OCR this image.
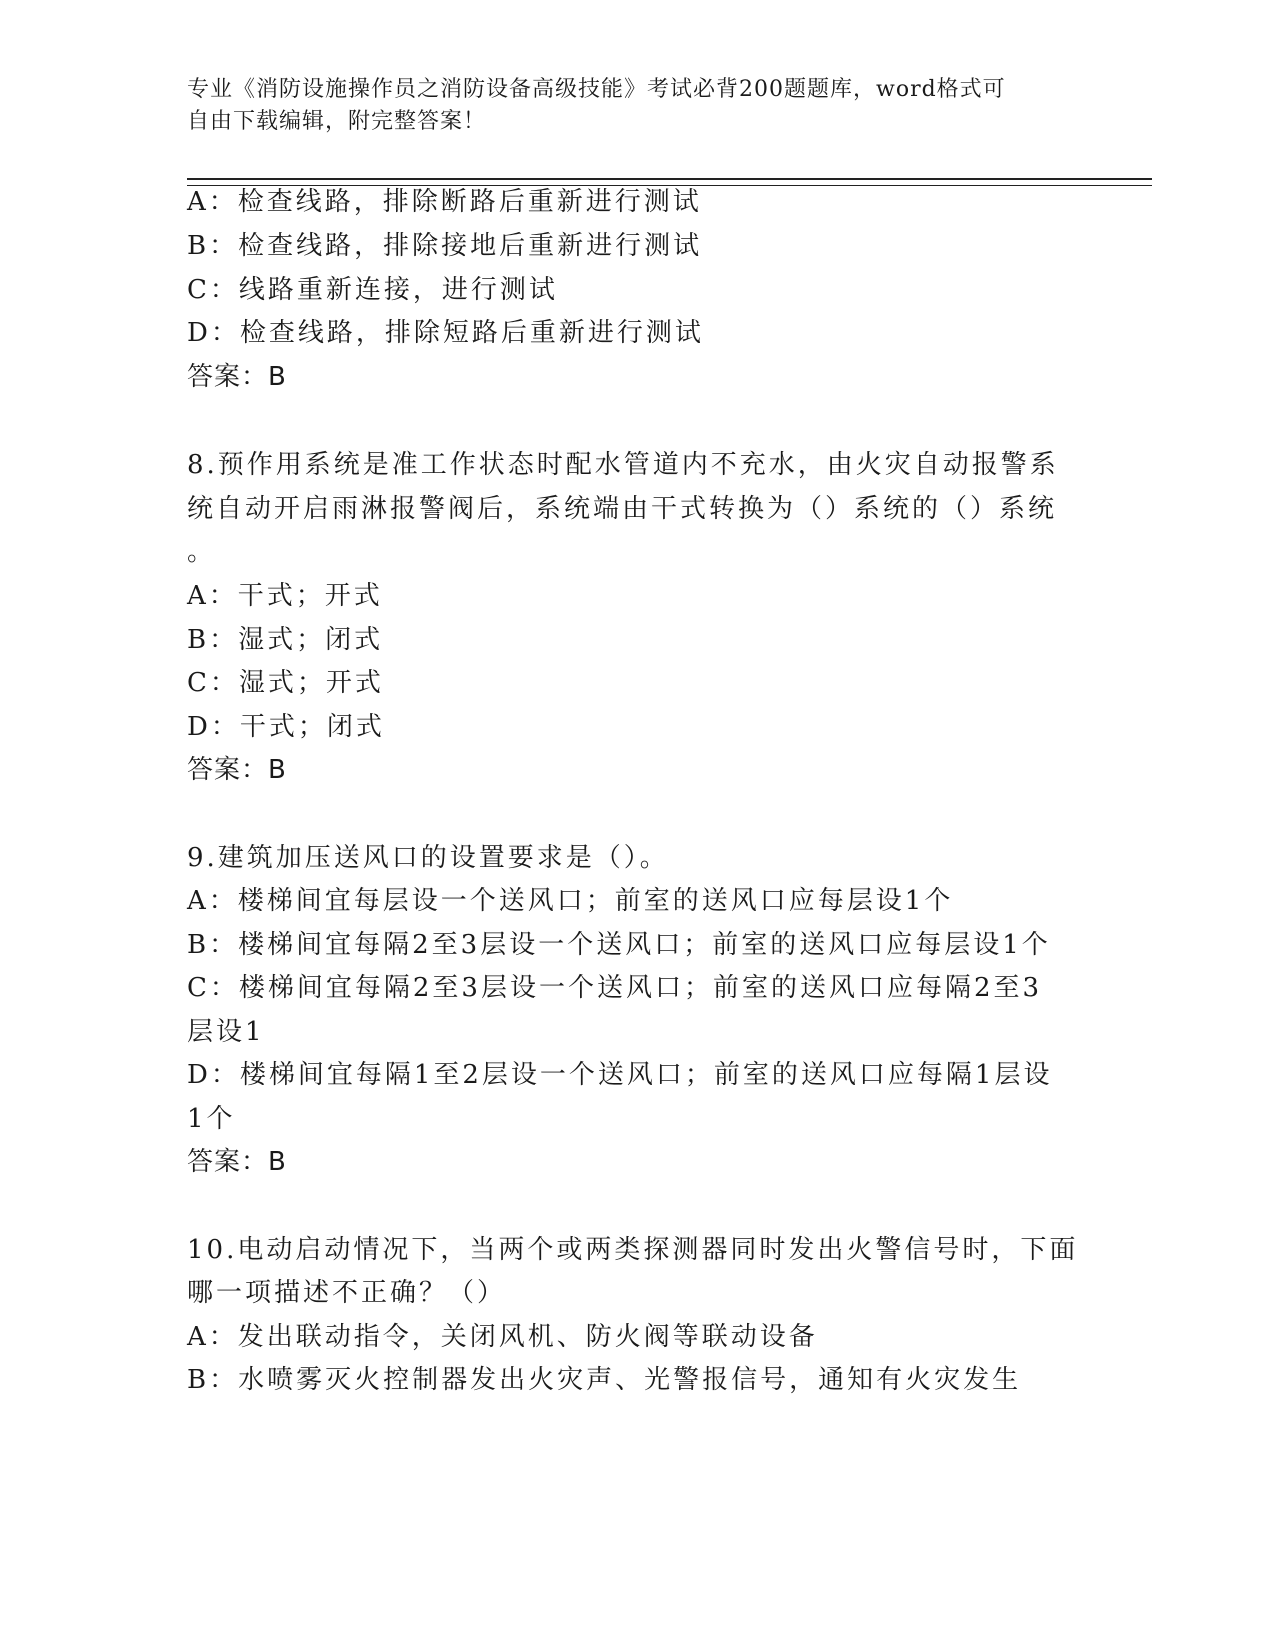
专业《消防设施操作员之消防设备高级技能》考试必背200题题库，word格式可
自由下载编辑，附完整答案！
A：检查线路，排除断路后重新进行测试
B：检查线路，排除接地后重新进行测试
C：线路重新连接，进行测试
D：检查线路，排除短路后重新进行测试
答案：B
8.预作用系统是准工作状态时配水管道内不充水，由火灾自动报警系
统自动开启雨淋报警阀后，系统端由干式转换为（）系统的（）系统
。
A：干式；开式
B：湿式；闭式
C：湿式；开式
D：干式；闭式
答案：B
9.建筑加压送风口的设置要求是（）。
A：楼梯间宜每层设一个送风口；前室的送风口应每层设1个
B：楼梯间宜每隔2至3层设一个送风口；前室的送风口应每层设1个
C：楼梯间宜每隔2至3层设一个送风口；前室的送风口应每隔2至3
层设1
D：楼梯间宜每隔1至2层设一个送风口；前室的送风口应每隔1层设
1个
答案：B
10.电动启动情况下，当两个或两类探测器同时发出火警信号时，下面
哪一项描述不正确？（）
A：发出联动指令，关闭风机、防火阀等联动设备
B：水喷雾灭火控制器发出火灾声、光警报信号，通知有火灾发生
